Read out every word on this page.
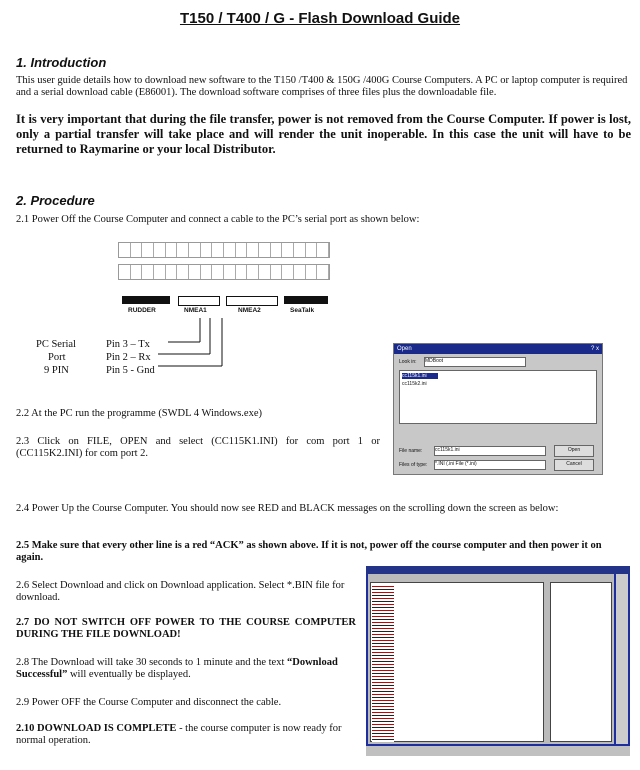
T150 / T400 / G - Flash Download Guide
1. Introduction
This user guide details how to download new software to the T150 /T400 & 150G /400G Course Computers. A PC or laptop computer is required and a serial download cable (E86001). The download software comprises of three files plus the downloadable file.
It is very important that during the file transfer, power is not removed from the Course Computer. If power is lost, only a partial transfer will take place and will render the unit inoperable. In this case the unit will have to be returned to Raymarine or your local Distributor.
2. Procedure
2.1 Power Off the Course Computer and connect a cable to the PC’s serial port as shown below:
RUDDER	NMEA1	NMEA2	SeaTalk
PC Serial
Port
9 PIN
Pin 3 – Tx
Pin 2 – Rx
Pin 5 - Gnd
Open	? x
Look in: MDBoot
cc115k1.ini
cc115k2.ini
File name:	cc115k1.ini
Files of type: *.INI (.ini File (*.ini)
Open
Cancel
2.2 At the PC run the programme (SWDL 4 Windows.exe)
2.3 Click on FILE, OPEN and select (CC115K1.INI) for com port 1 or (CC115K2.INI) for com port 2.
2.4 Power Up the Course Computer. You should now see RED and BLACK messages on the scrolling down the screen as below:
2.5 Make sure that every other line is a red “ACK” as shown above. If it is not, power off the course computer and then power it on again.
2.6 Select Download and click on Download application. Select *.BIN file for download.
2.7 DO NOT SWITCH OFF POWER TO THE COURSE COMPUTER DURING THE FILE DOWNLOAD!
2.8 The Download will take 30 seconds to 1 minute and the text “Download Successful” will eventually be displayed.
2.9 Power OFF the Course Computer and disconnect the cable.
2.10 DOWNLOAD IS COMPLETE - the course computer is now ready for normal operation.
